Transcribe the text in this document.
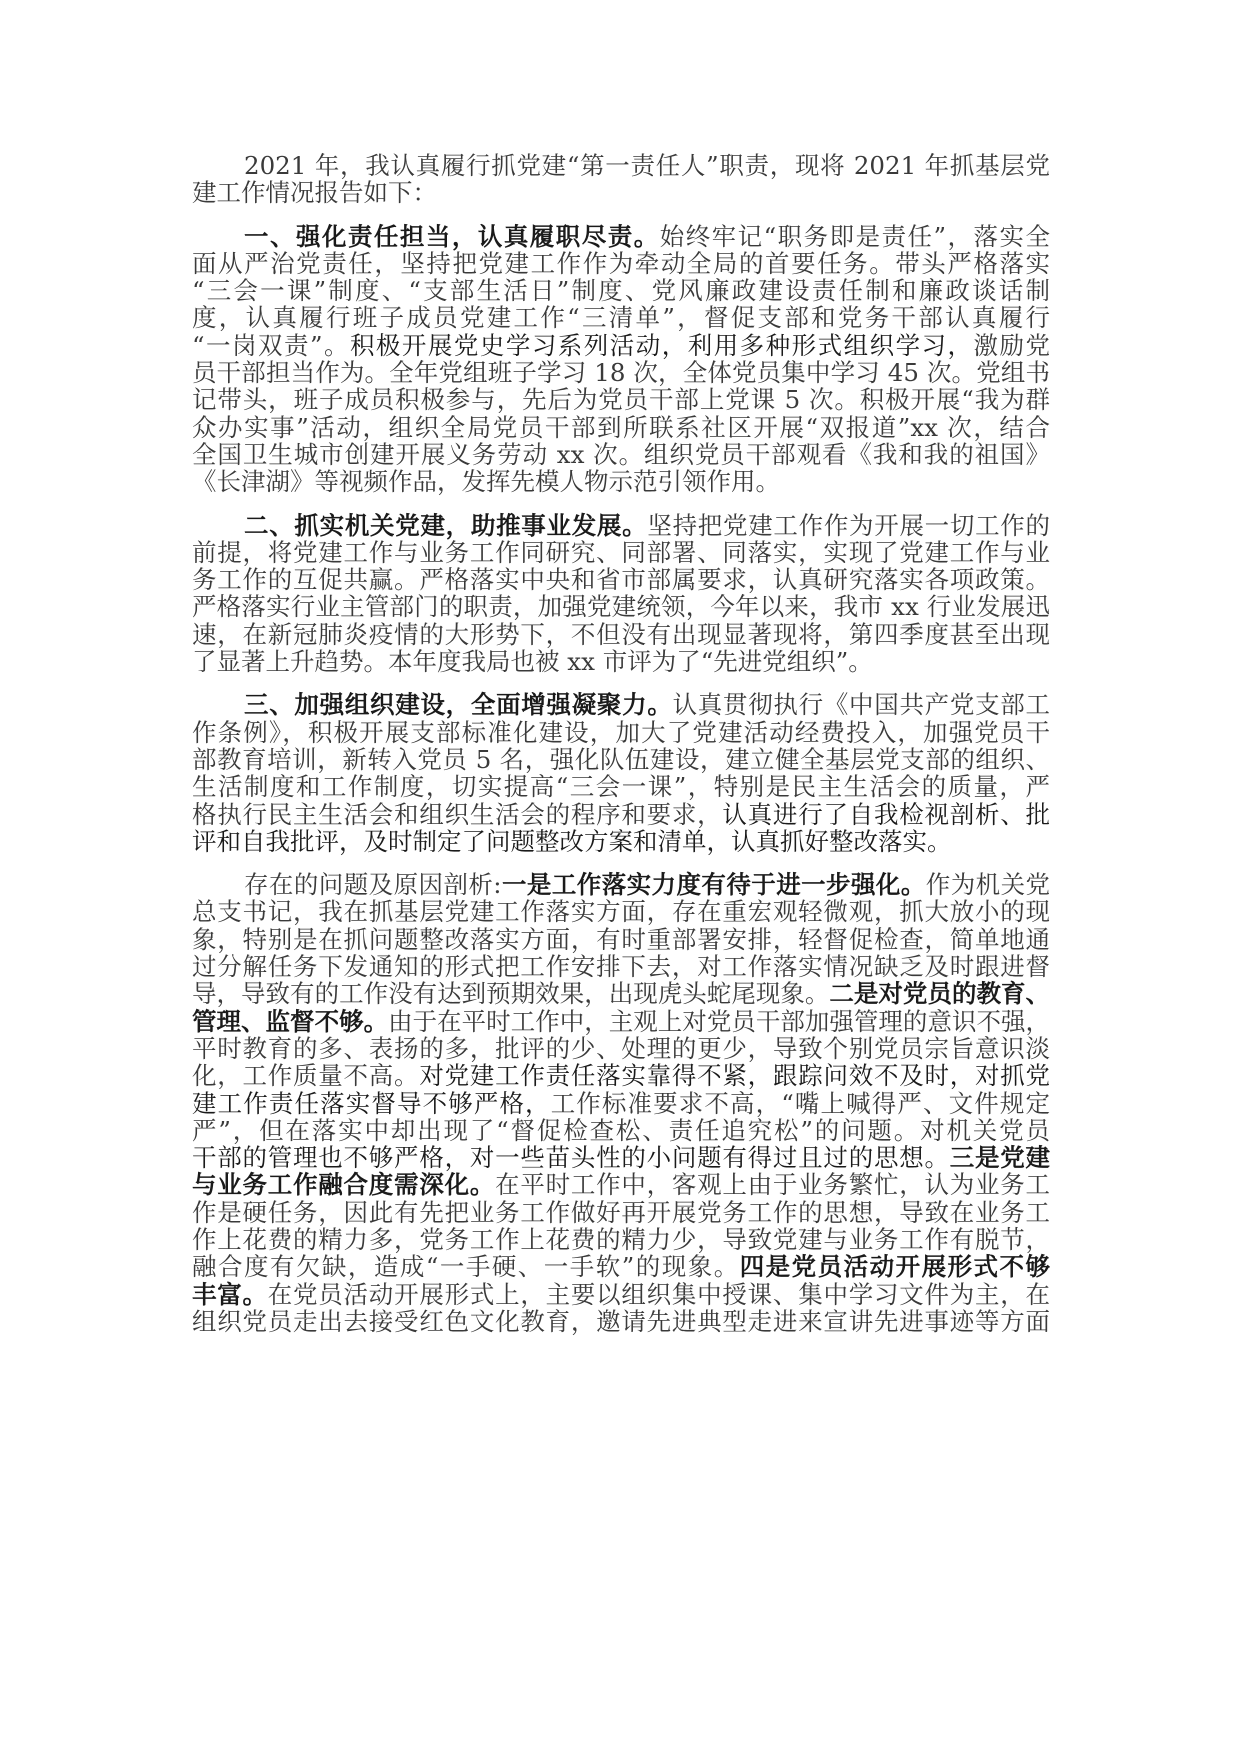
2021 年，我认真履行抓党建“第一责任人”职责，现将 2021 年抓基层党
建工作情况报告如下：
一、强化责任担当，认真履职尽责。始终牢记“职务即是责任”，落实全
面从严治党责任，坚持把党建工作作为牵动全局的首要任务。带头严格落实
“三会一课”制度、“支部生活日”制度、党风廉政建设责任制和廉政谈话制
度，认真履行班子成员党建工作“三清单”，督促支部和党务干部认真履行
“一岗双责”。积极开展党史学习系列活动，利用多种形式组织学习，激励党
员干部担当作为。全年党组班子学习 18 次，全体党员集中学习 45 次。党组书
记带头，班子成员积极参与，先后为党员干部上党课 5 次。积极开展“我为群
众办实事”活动，组织全局党员干部到所联系社区开展“双报道”xx 次，结合
全国卫生城市创建开展义务劳动 xx 次。组织党员干部观看《我和我的祖国》
《长津湖》等视频作品，发挥先模人物示范引领作用。
二、抓实机关党建，助推事业发展。坚持把党建工作作为开展一切工作的
前提，将党建工作与业务工作同研究、同部署、同落实，实现了党建工作与业
务工作的互促共赢。严格落实中央和省市部属要求，认真研究落实各项政策。
严格落实行业主管部门的职责，加强党建统领，今年以来，我市 xx 行业发展迅
速，在新冠肺炎疫情的大形势下，不但没有出现显著现将，第四季度甚至出现
了显著上升趋势。本年度我局也被 xx 市评为了“先进党组织”。
三、加强组织建设，全面增强凝聚力。认真贯彻执行《中国共产党支部工
作条例》，积极开展支部标准化建设，加大了党建活动经费投入，加强党员干
部教育培训，新转入党员 5 名，强化队伍建设，建立健全基层党支部的组织、
生活制度和工作制度，切实提高“三会一课”，特别是民主生活会的质量，严
格执行民主生活会和组织生活会的程序和要求，认真进行了自我检视剖析、批
评和自我批评，及时制定了问题整改方案和清单，认真抓好整改落实。
存在的问题及原因剖析:一是工作落实力度有待于进一步强化。作为机关党
总支书记，我在抓基层党建工作落实方面，存在重宏观轻微观，抓大放小的现
象，特别是在抓问题整改落实方面，有时重部署安排，轻督促检查，简单地通
过分解任务下发通知的形式把工作安排下去，对工作落实情况缺乏及时跟进督
导，导致有的工作没有达到预期效果，出现虎头蛇尾现象。二是对党员的教育、
管理、监督不够。由于在平时工作中，主观上对党员干部加强管理的意识不强，
平时教育的多、表扬的多，批评的少、处理的更少，导致个别党员宗旨意识淡
化，工作质量不高。对党建工作责任落实靠得不紧，跟踪问效不及时，对抓党
建工作责任落实督导不够严格，工作标准要求不高，“嘴上喊得严、文件规定
严”，但在落实中却出现了“督促检查松、责任追究松”的问题。对机关党员
干部的管理也不够严格，对一些苗头性的小问题有得过且过的思想。三是党建
与业务工作融合度需深化。在平时工作中，客观上由于业务繁忙，认为业务工
作是硬任务，因此有先把业务工作做好再开展党务工作的思想，导致在业务工
作上花费的精力多，党务工作上花费的精力少，导致党建与业务工作有脱节，
融合度有欠缺，造成“一手硬、一手软”的现象。四是党员活动开展形式不够
丰富。在党员活动开展形式上，主要以组织集中授课、集中学习文件为主，在
组织党员走出去接受红色文化教育，邀请先进典型走进来宣讲先进事迹等方面
